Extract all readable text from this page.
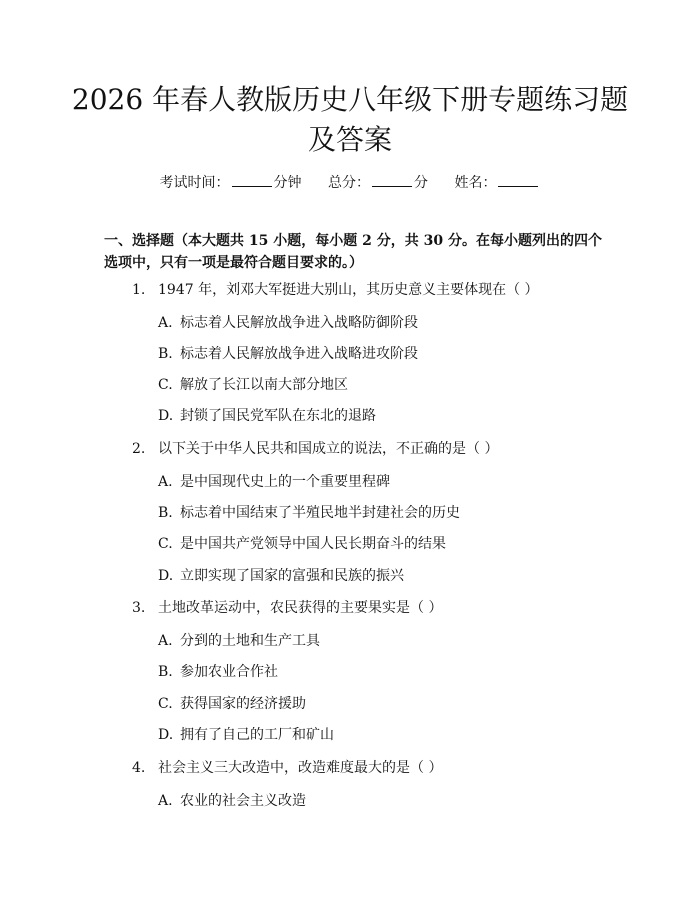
2026 年春人教版历史八年级下册专题练习题
及答案
考试时间：	分钟 总分：	分 姓名：
一、选择题（本大题共 15 小题，每小题 2 分，共 30 分。在每小题列出的四个选项中，只有一项是最符合题目要求的。）
1. 1947 年，刘邓大军挺进大别山，其历史意义主要体现在（ ）
A. 标志着人民解放战争进入战略防御阶段
B. 标志着人民解放战争进入战略进攻阶段
C. 解放了长江以南大部分地区
D. 封锁了国民党军队在东北的退路
2. 以下关于中华人民共和国成立的说法，不正确的是（ ）
A. 是中国现代史上的一个重要里程碑
B. 标志着中国结束了半殖民地半封建社会的历史
C. 是中国共产党领导中国人民长期奋斗的结果
D. 立即实现了国家的富强和民族的振兴
3. 土地改革运动中，农民获得的主要果实是（ ）
A. 分到的土地和生产工具
B. 参加农业合作社
C. 获得国家的经济援助
D. 拥有了自己的工厂和矿山
4. 社会主义三大改造中，改造难度最大的是（ ）
A. 农业的社会主义改造
